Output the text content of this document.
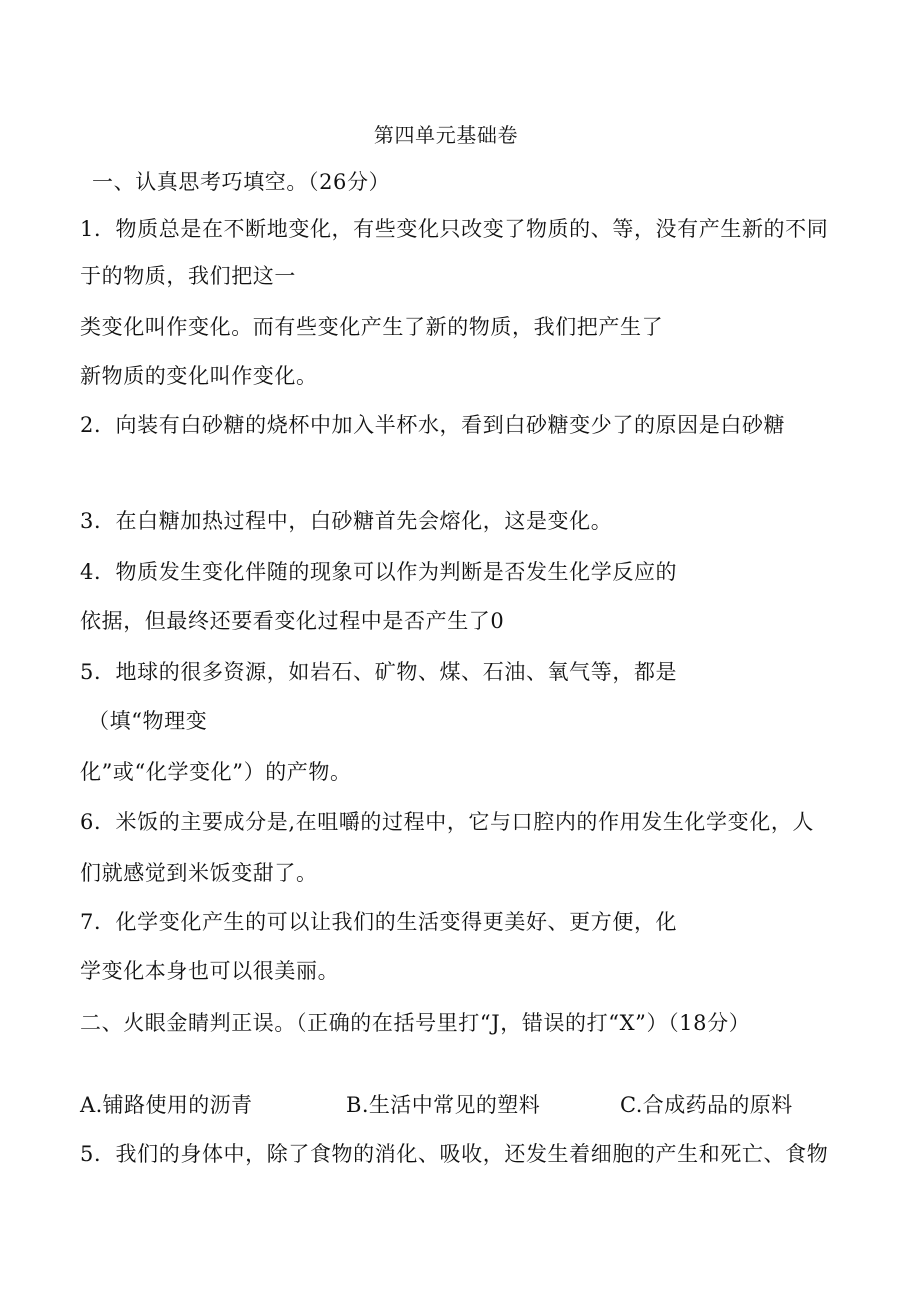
第四单元基础卷
一、认真思考巧填空。（26分）
1．物质总是在不断地变化，有些变化只改变了物质的、等，没有产生新的不同
于的物质，我们把这一
类变化叫作变化。而有些变化产生了新的物质，我们把产生了
新物质的变化叫作变化。
2．向装有白砂糖的烧杯中加入半杯水，看到白砂糖变少了的原因是白砂糖
3．在白糖加热过程中，白砂糖首先会熔化，这是变化。
4．物质发生变化伴随的现象可以作为判断是否发生化学反应的
依据，但最终还要看变化过程中是否产生了0
5．地球的很多资源，如岩石、矿物、煤、石油、氧气等，都是
（填“物理变
化”或“化学变化”）的产物。
6．米饭的主要成分是,在咀嚼的过程中，它与口腔内的作用发生化学变化，人
们就感觉到米饭变甜了。
7．化学变化产生的可以让我们的生活变得更美好、更方便，化
学变化本身也可以很美丽。
二、火眼金睛判正误。（正确的在括号里打“J，错误的打“X”）（18分）
A.铺路使用的沥青	B.生活中常见的塑料	C.合成药品的原料
5．我们的身体中，除了食物的消化、吸收，还发生着细胞的产生和死亡、食物
